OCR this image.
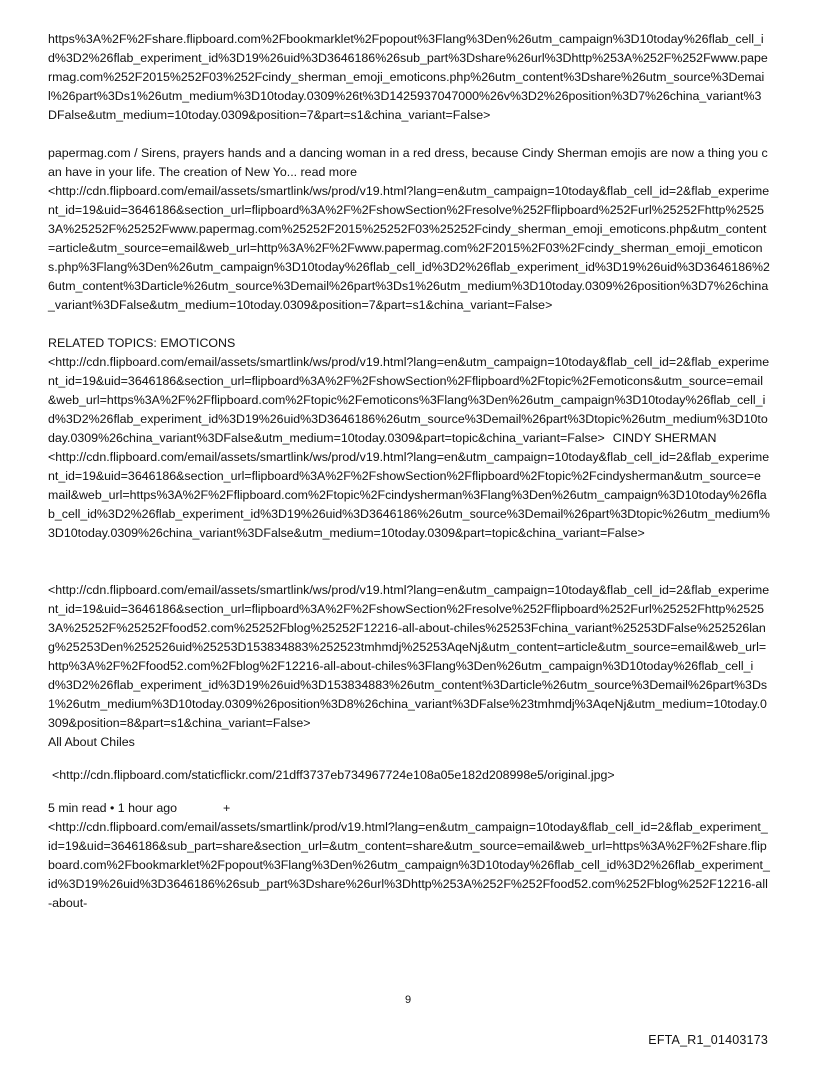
https%3A%2F%2Fshare.flipboard.com%2Fbookmarklet%2Fpopout%3Flang%3Den%26utm_campaign%3D10today%26flab_cell_id%3D2%26flab_experiment_id%3D19%26uid%3D3646186%26sub_part%3Dshare%26url%3Dhttp%253A%252F%252Fwww.papermag.com%252F2015%252F03%252Fcindy_sherman_emoji_emoticons.php%26utm_content%3Dshare%26utm_source%3Demail%26part%3Ds1%26utm_medium%3D10today.0309%26t%3D1425937047000%26v%3D2%26position%3D7%26china_variant%3DFalse&utm_medium=10today.0309&position=7&part=s1&china_variant=False>

papermag.com / Sirens, prayers hands and a dancing woman in a red dress, because Cindy Sherman emojis are now a thing you can have in your life. The creation of New Yo... read more

<http://cdn.flipboard.com/email/assets/smartlink/ws/prod/v19.html?lang=en&utm_campaign=10today&flab_cell_id=2&flab_experiment_id=19&uid=3646186&section_url=flipboard%3A%2F%2FshowSection%2Fresolve%252Fflipboard%252Furl%25252Fhttp%25253A%25252F%25252Fwww.papermag.com%25252F2015%25252F03%25252Fcindy_sherman_emoji_emoticons.php&utm_content=article&utm_source=email&web_url=http%3A%2F%2Fwww.papermag.com%2F2015%2F03%2Fcindy_sherman_emoji_emoticons.php%3Flang%3Den%26utm_campaign%3D10today%26flab_cell_id%3D2%26flab_experiment_id%3D19%26uid%3D3646186%26utm_content%3Darticle%26utm_source%3Demail%26part%3Ds1%26utm_medium%3D10today.0309%26position%3D7%26china_variant%3DFalse&utm_medium=10today.0309&position=7&part=s1&china_variant=False>

RELATED TOPICS: EMOTICONS

<http://cdn.flipboard.com/email/assets/smartlink/ws/prod/v19.html?lang=en&utm_campaign=10today&flab_cell_id=2&flab_experiment_id=19&uid=3646186&section_url=flipboard%3A%2F%2FshowSection%2Fflipboard%2Ftopic%2Femoticons&utm_source=email&web_url=https%3A%2F%2Fflipboard.com%2Ftopic%2Femoticons%3Flang%3Den%26utm_campaign%3D10today%26flab_cell_id%3D2%26flab_experiment_id%3D19%26uid%3D3646186%26utm_source%3Demail%26part%3Dtopic%26utm_medium%3D10today.0309%26china_variant%3DFalse&utm_medium=10today.0309&part=topic&china_variant=False> CINDY SHERMAN

<http://cdn.flipboard.com/email/assets/smartlink/ws/prod/v19.html?lang=en&utm_campaign=10today&flab_cell_id=2&flab_experiment_id=19&uid=3646186&section_url=flipboard%3A%2F%2FshowSection%2Fflipboard%2Ftopic%2Fcindysherman&utm_source=email&web_url=https%3A%2F%2Fflipboard.com%2Ftopic%2Fcindysherman%3Flang%3Den%26utm_campaign%3D10today%26flab_cell_id%3D2%26flab_experiment_id%3D19%26uid%3D3646186%26utm_source%3Demail%26part%3Dtopic%26utm_medium%3D10today.0309%26china_variant%3DFalse&utm_medium=10today.0309&part=topic&china_variant=False>

<http://cdn.flipboard.com/email/assets/smartlink/ws/prod/v19.html?lang=en&utm_campaign=10today&flab_cell_id=2&flab_experiment_id=19&uid=3646186&section_url=flipboard%3A%2F%2FshowSection%2Fresolve%252Fflipboard%252Furl%25252Fhttp%25253A%25252F%25252Ffood52.com%25252Fblog%25252F12216-all-about-chiles%25253Fchina_variant%25253DFalse%252526lang%25253Den%252526uid%25253D153834883%252523tmhmdj%25253AqeNj&utm_content=article&utm_source=email&web_url=http%3A%2F%2Ffood52.com%2Fblog%2F12216-all-about-chiles%3Flang%3Den%26utm_campaign%3D10today%26flab_cell_id%3D2%26flab_experiment_id%3D19%26uid%3D153834883%26utm_content%3Darticle%26utm_source%3Demail%26part%3Ds1%26utm_medium%3D10today.0309%26position%3D8%26china_variant%3DFalse%23tmhmdj%3AqeNj&utm_medium=10today.0309&position=8&part=s1&china_variant=False>

All About Chiles

<http://cdn.flipboard.com/staticflickr.com/21dff3737eb734967724e108a05e182d208998e5/original.jpg>

5 min read • 1 hour ago	+

<http://cdn.flipboard.com/email/assets/smartlink/prod/v19.html?lang=en&utm_campaign=10today&flab_cell_id=2&flab_experiment_id=19&uid=3646186&sub_part=share&section_url=&utm_content=share&utm_source=email&web_url=https%3A%2F%2Fshare.flipboard.com%2Fbookmarklet%2Fpopout%3Flang%3Den%26utm_campaign%3D10today%26flab_cell_id%3D2%26flab_experiment_id%3D19%26uid%3D3646186%26sub_part%3Dshare%26url%3Dhttp%253A%252F%252Ffood52.com%252Fblog%252F12216-all-about-

9
EFTA_R1_01403173
